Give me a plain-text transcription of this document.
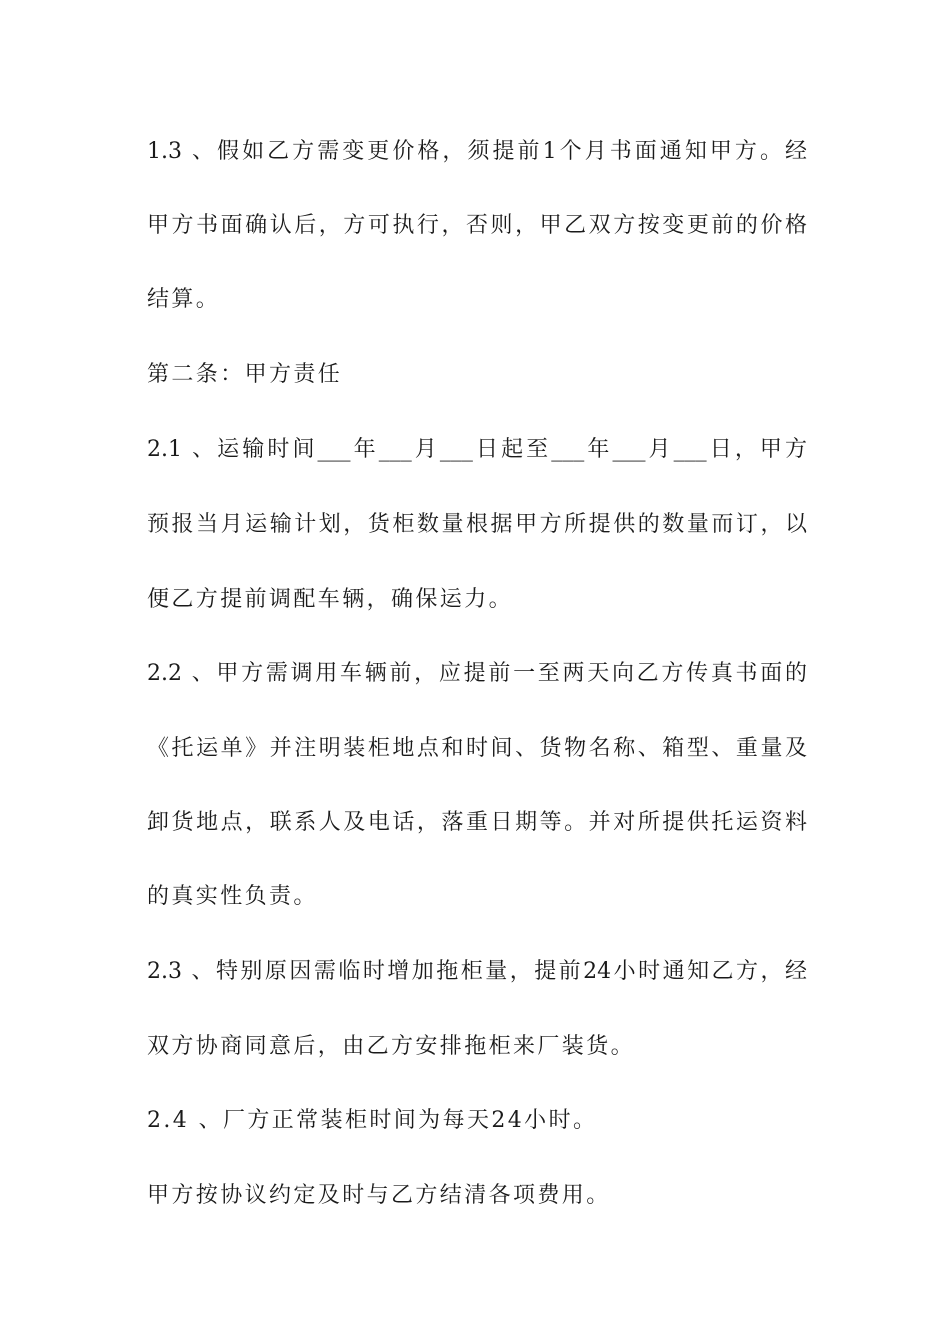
1.3 、假如乙方需变更价格，须提前1个月书面通知甲方。经
甲方书面确认后，方可执行，否则，甲乙双方按变更前的价格
结算。
第二条：甲方责任
2.1 、运输时间___年___月___日起至___年___月___日，甲方
预报当月运输计划，货柜数量根据甲方所提供的数量而订，以
便乙方提前调配车辆，确保运力。
2.2 、甲方需调用车辆前，应提前一至两天向乙方传真书面的
《托运单》并注明装柜地点和时间、货物名称、箱型、重量及
卸货地点，联系人及电话，落重日期等。并对所提供托运资料
的真实性负责。
2.3 、特别原因需临时增加拖柜量，提前24小时通知乙方，经
双方协商同意后，由乙方安排拖柜来厂装货。
2.4 、厂方正常装柜时间为每天24小时。
甲方按协议约定及时与乙方结清各项费用。
